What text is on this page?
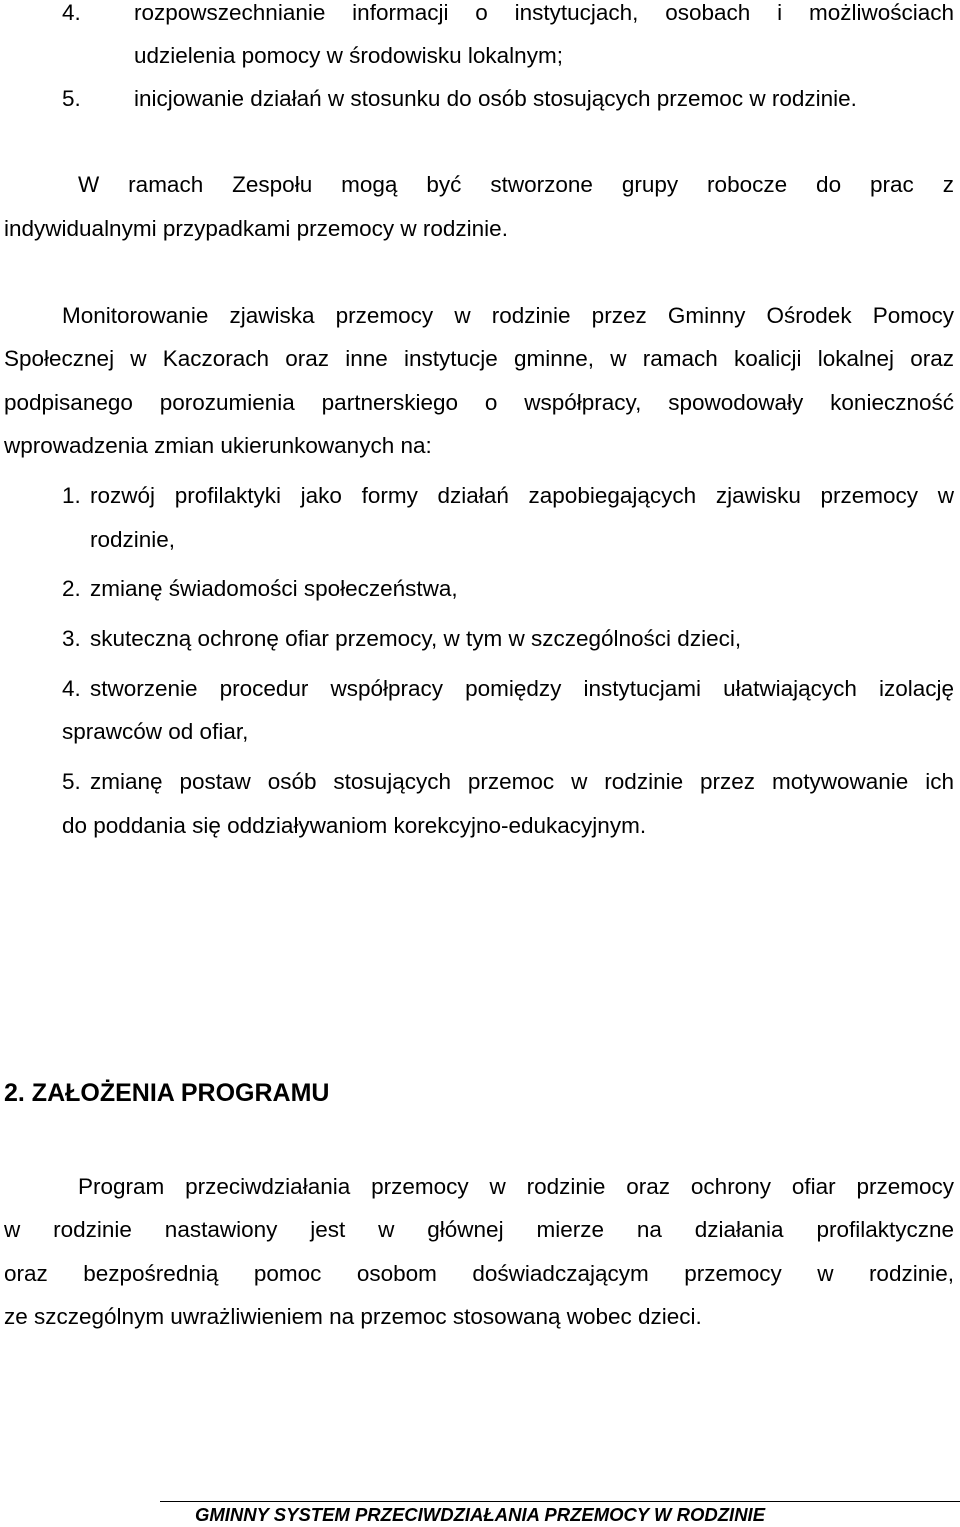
4. rozpowszechnianie informacji o instytucjach, osobach i możliwościach
udzielenia pomocy w środowisku lokalnym;
5. inicjowanie działań w stosunku do osób stosujących przemoc w rodzinie.
W ramach Zespołu mogą być stworzone grupy robocze do prac z
indywidualnymi przypadkami przemocy w rodzinie.
Monitorowanie zjawiska przemocy w rodzinie przez Gminny Ośrodek Pomocy
Społecznej w Kaczorach oraz inne instytucje gminne, w ramach koalicji lokalnej oraz
podpisanego porozumienia partnerskiego o współpracy, spowodowały konieczność
wprowadzenia zmian ukierunkowanych na:
1. rozwój profilaktyki jako formy działań zapobiegających zjawisku przemocy w
rodzinie,
2. zmianę świadomości społeczeństwa,
3. skuteczną ochronę ofiar przemocy, w tym w szczególności dzieci,
4. stworzenie procedur współpracy pomiędzy instytucjami ułatwiających izolację
sprawców od ofiar,
5. zmianę postaw osób stosujących przemoc w rodzinie przez motywowanie ich
do poddania się oddziaływaniom korekcyjno-edukacyjnym.
2. ZAŁOŻENIA PROGRAMU
Program przeciwdziałania przemocy w rodzinie oraz ochrony ofiar przemocy
w rodzinie nastawiony jest w głównej mierze na działania profilaktyczne
oraz bezpośrednią pomoc osobom doświadczającym przemocy w rodzinie,
ze szczególnym uwrażliwieniem na przemoc stosowaną wobec dzieci.
GMINNY SYSTEM PRZECIWDZIAŁANIA PRZEMOCY W RODZINIE
